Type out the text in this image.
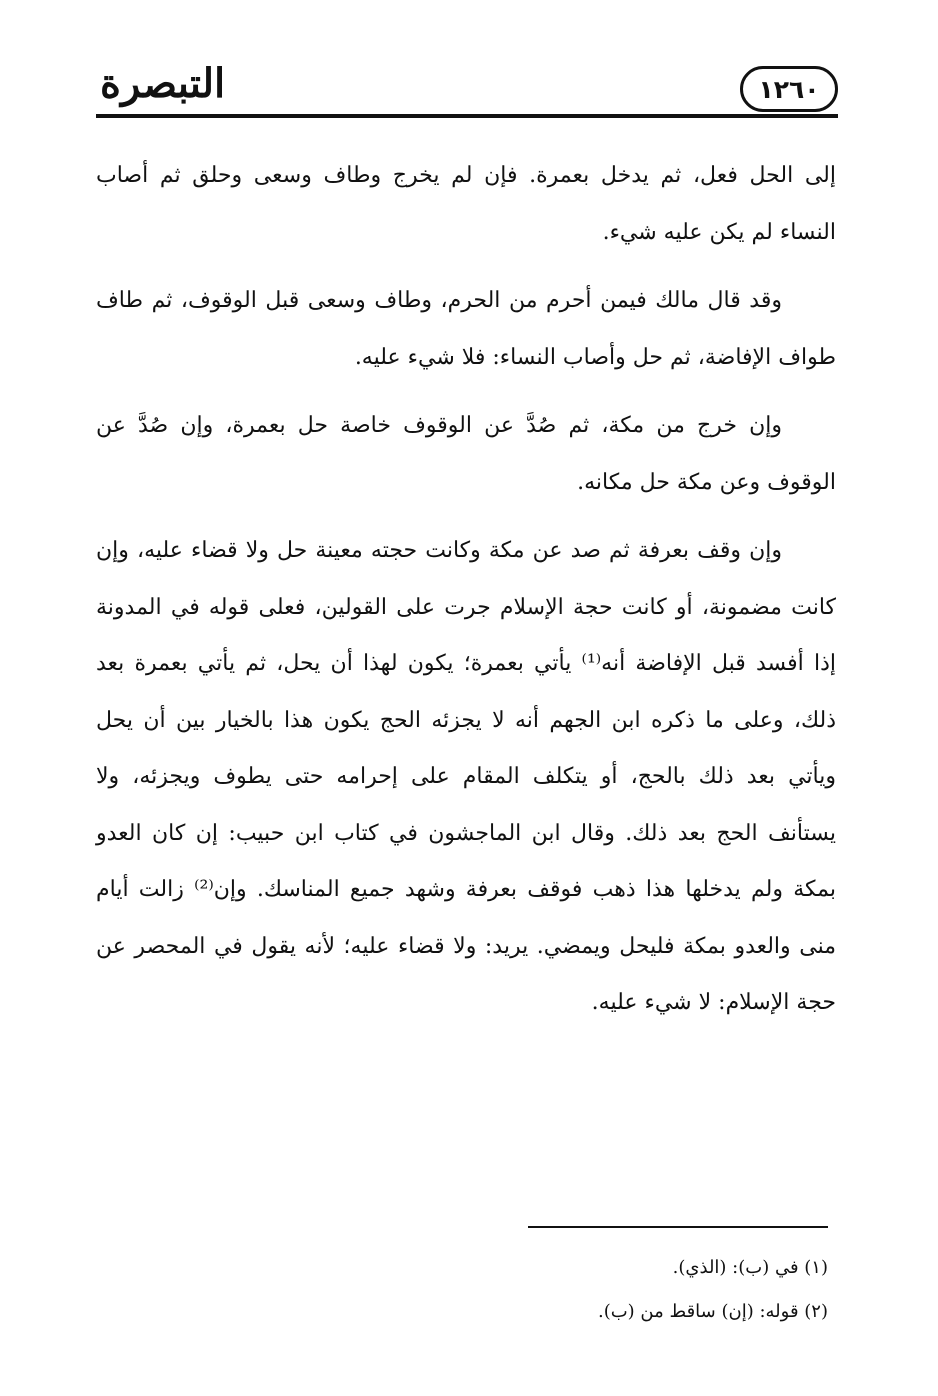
التبصرة	١٢٦٠

إلى الحل فعل، ثم يدخل بعمرة. فإن لم يخرج وطاف وسعى وحلق ثم أصاب النساء لم يكن عليه شيء.

وقد قال مالك فيمن أحرم من الحرم، وطاف وسعى قبل الوقوف، ثم طاف طواف الإفاضة، ثم حل وأصاب النساء: فلا شيء عليه.

وإن خرج من مكة، ثم صُدَّ عن الوقوف خاصة حل بعمرة، وإن صُدَّ عن الوقوف وعن مكة حل مكانه.

وإن وقف بعرفة ثم صد عن مكة وكانت حجته معينة حل ولا قضاء عليه، وإن كانت مضمونة، أو كانت حجة الإسلام جرت على القولين، فعلى قوله في المدونة إذا أفسد قبل الإفاضة أنه⁽¹⁾ يأتي بعمرة؛ يكون لهذا أن يحل، ثم يأتي بعمرة بعد ذلك، وعلى ما ذكره ابن الجهم أنه لا يجزئه الحج يكون هذا بالخيار بين أن يحل ويأتي بعد ذلك بالحج، أو يتكلف المقام على إحرامه حتى يطوف ويجزئه، ولا يستأنف الحج بعد ذلك. وقال ابن الماجشون في كتاب ابن حبيب: إن كان العدو بمكة ولم يدخلها هذا ذهب فوقف بعرفة وشهد جميع المناسك. وإن⁽²⁾ زالت أيام منى والعدو بمكة فليحل ويمضي. يريد: ولا قضاء عليه؛ لأنه يقول في المحصر عن حجة الإسلام: لا شيء عليه.

(١) في (ب): (الذي).

(٢) قوله: (إن) ساقط من (ب).
